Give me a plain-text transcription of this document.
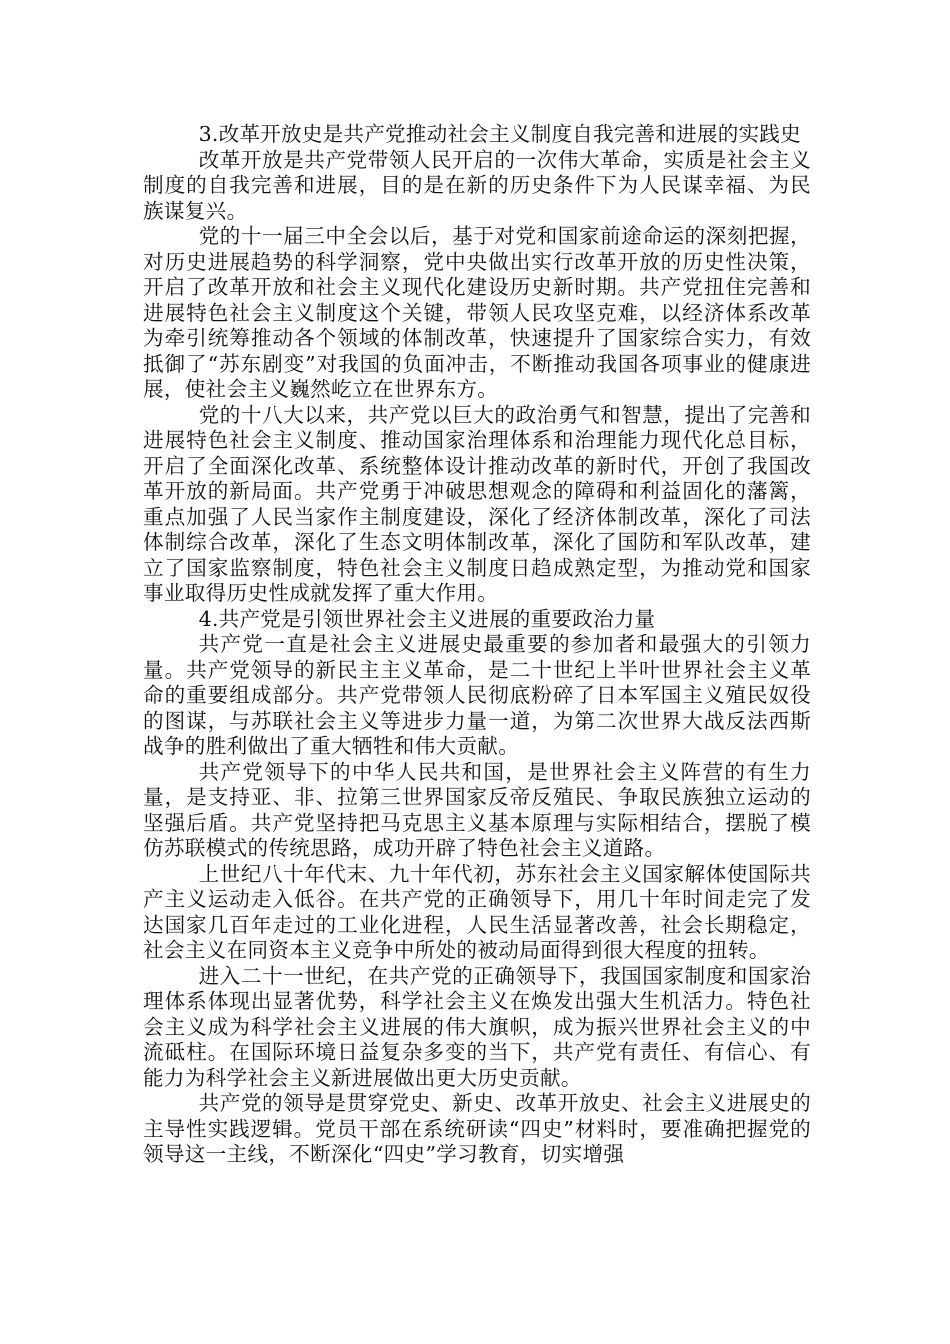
3.改革开放史是共产党推动社会主义制度自我完善和进展的实践史

改革开放是共产党带领人民开启的一次伟大革命，实质是社会主义制度的自我完善和进展，目的是在新的历史条件下为人民谋幸福、为民族谋复兴。

党的十一届三中全会以后，基于对党和国家前途命运的深刻把握，对历史进展趋势的科学洞察，党中央做出实行改革开放的历史性决策，开启了改革开放和社会主义现代化建设历史新时期。共产党扭住完善和进展特色社会主义制度这个关键，带领人民攻坚克难，以经济体系改革为牵引统筹推动各个领域的体制改革，快速提升了国家综合实力，有效抵御了“苏东剧变”对我国的负面冲击，不断推动我国各项事业的健康进展，使社会主义巍然屹立在世界东方。

党的十八大以来，共产党以巨大的政治勇气和智慧，提出了完善和进展特色社会主义制度、推动国家治理体系和治理能力现代化总目标，开启了全面深化改革、系统整体设计推动改革的新时代，开创了我国改革开放的新局面。共产党勇于冲破思想观念的障碍和利益固化的藩篱，重点加强了人民当家作主制度建设，深化了经济体制改革，深化了司法体制综合改革，深化了生态文明体制改革，深化了国防和军队改革，建立了国家监察制度，特色社会主义制度日趋成熟定型，为推动党和国家事业取得历史性成就发挥了重大作用。

4.共产党是引领世界社会主义进展的重要政治力量

共产党一直是社会主义进展史最重要的参加者和最强大的引领力量。共产党领导的新民主主义革命，是二十世纪上半叶世界社会主义革命的重要组成部分。共产党带领人民彻底粉碎了日本军国主义殖民奴役的图谋，与苏联社会主义等进步力量一道，为第二次世界大战反法西斯战争的胜利做出了重大牺牲和伟大贡献。

共产党领导下的中华人民共和国，是世界社会主义阵营的有生力量，是支持亚、非、拉第三世界国家反帝反殖民、争取民族独立运动的坚强后盾。共产党坚持把马克思主义基本原理与实际相结合，摆脱了模仿苏联模式的传统思路，成功开辟了特色社会主义道路。

上世纪八十年代末、九十年代初，苏东社会主义国家解体使国际共产主义运动走入低谷。在共产党的正确领导下，用几十年时间走完了发达国家几百年走过的工业化进程，人民生活显著改善，社会长期稳定，社会主义在同资本主义竞争中所处的被动局面得到很大程度的扭转。

进入二十一世纪，在共产党的正确领导下，我国国家制度和国家治理体系体现出显著优势，科学社会主义在焕发出强大生机活力。特色社会主义成为科学社会主义进展的伟大旗帜，成为振兴世界社会主义的中流砥柱。在国际环境日益复杂多变的当下，共产党有责任、有信心、有能力为科学社会主义新进展做出更大历史贡献。

共产党的领导是贯穿党史、新史、改革开放史、社会主义进展史的主导性实践逻辑。党员干部在系统研读“四史”材料时，要准确把握党的领导这一主线，不断深化“四史”学习教育，切实增强
